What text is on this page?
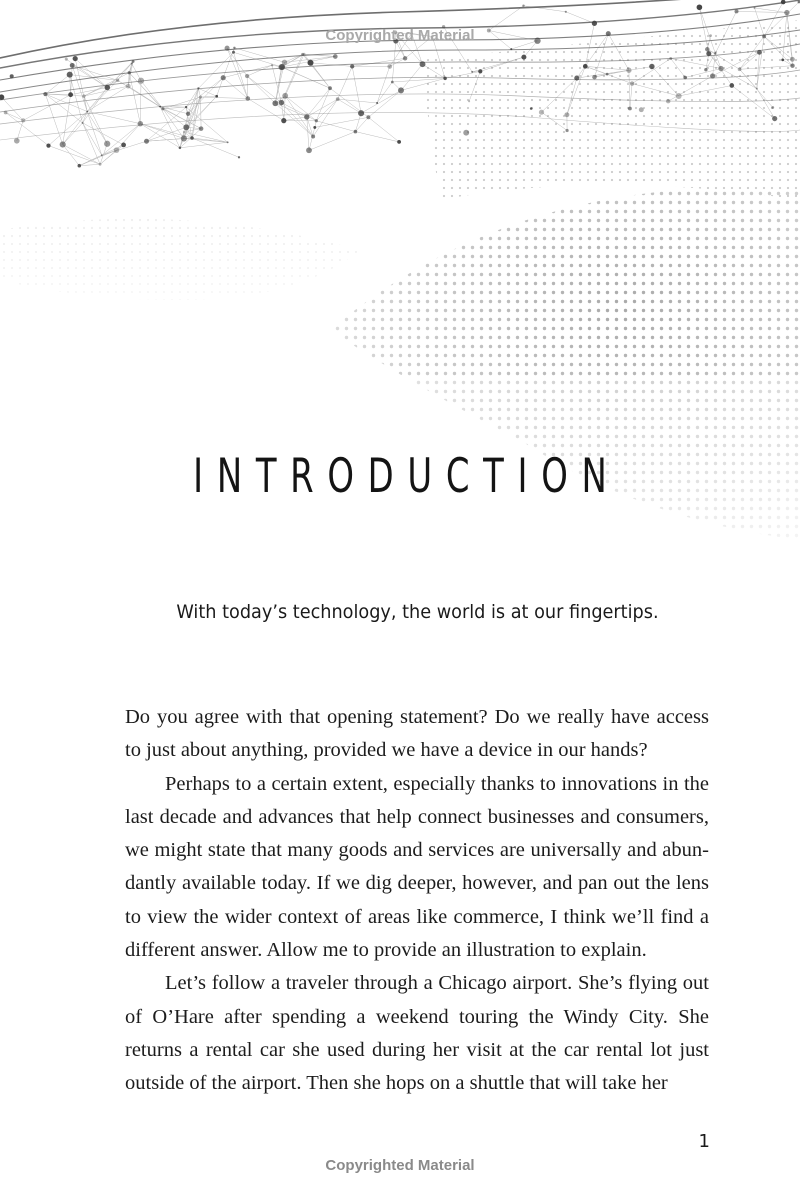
Copyrighted Material
INTRODUCTION
With today’s technology, the world is at our fingertips.

Do you agree with that opening statement? Do we really have access to just about anything, provided we have a device in our hands?

Perhaps to a certain extent, especially thanks to innovations in the last decade and advances that help connect businesses and consumers, we might state that many goods and services are universally and abundantly available today. If we dig deeper, however, and pan out the lens to view the wider context of areas like commerce, I think we’ll find a different answer. Allow me to provide an illustration to explain.

Let’s follow a traveler through a Chicago airport. She’s flying out of O’Hare after spending a weekend touring the Windy City. She returns a rental car she used during her visit at the car rental lot just outside of the airport. Then she hops on a shuttle that will take her

1
Copyrighted Material
